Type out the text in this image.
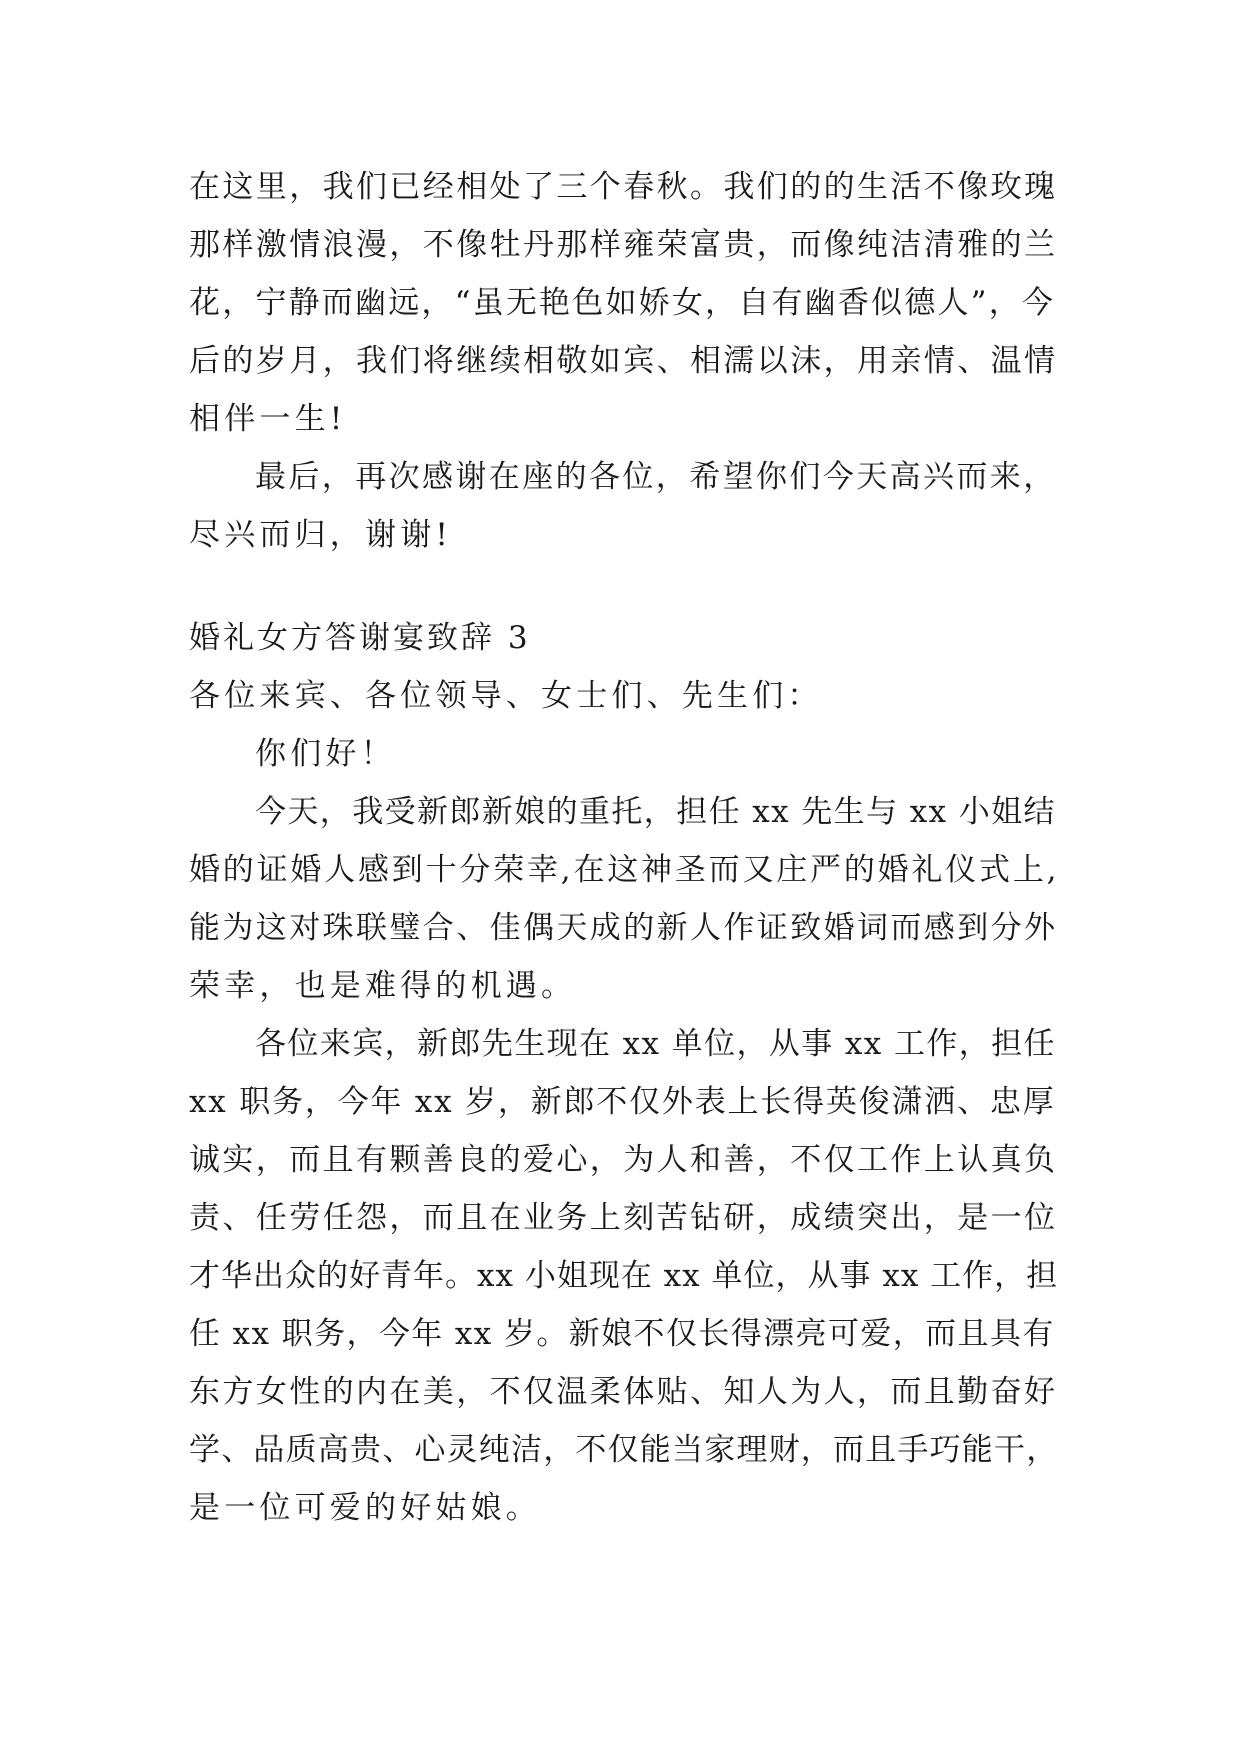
在这里，我们已经相处了三个春秋。我们的的生活不像玫瑰
那样激情浪漫，不像牡丹那样雍荣富贵，而像纯洁清雅的兰
花，宁静而幽远，“虽无艳色如娇女，自有幽香似德人”，今
后的岁月，我们将继续相敬如宾、相濡以沫，用亲情、温情
相伴一生!
最后，再次感谢在座的各位，希望你们今天高兴而来，
尽兴而归，谢谢!
婚礼女方答谢宴致辞 3
各位来宾、各位领导、女士们、先生们：
你们好！
今天，我受新郎新娘的重托，担任 xx 先生与 xx 小姐结
婚的证婚人感到十分荣幸,在这神圣而又庄严的婚礼仪式上,
能为这对珠联璧合、佳偶天成的新人作证致婚词而感到分外
荣幸，也是难得的机遇。
各位来宾，新郎先生现在 xx 单位，从事 xx 工作，担任
xx 职务，今年 xx 岁，新郎不仅外表上长得英俊潇洒、忠厚
诚实，而且有颗善良的爱心，为人和善，不仅工作上认真负
责、任劳任怨，而且在业务上刻苦钻研，成绩突出，是一位
才华出众的好青年。xx 小姐现在 xx 单位，从事 xx 工作，担
任 xx 职务，今年 xx 岁。新娘不仅长得漂亮可爱，而且具有
东方女性的内在美，不仅温柔体贴、知人为人，而且勤奋好
学、品质高贵、心灵纯洁，不仅能当家理财，而且手巧能干，
是一位可爱的好姑娘。
